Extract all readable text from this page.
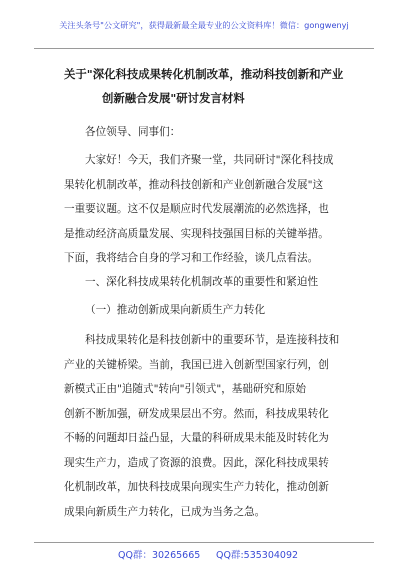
关注头条号"公文研究"，获得最新最全最专业的公文资料库！微信：gongwenyj
关于"深化科技成果转化机制改革，推动科技创新和产业
创新融合发展"研讨发言材料
各位领导、同事们：
大家好！今天，我们齐聚一堂，共同研讨"深化科技成
果转化机制改革，推动科技创新和产业创新融合发展"这
一重要议题。这不仅是顺应时代发展潮流的必然选择，也
是推动经济高质量发展、实现科技强国目标的关键举措。
下面，我将结合自身的学习和工作经验，谈几点看法。
一、深化科技成果转化机制改革的重要性和紧迫性
（一）推动创新成果向新质生产力转化
科技成果转化是科技创新中的重要环节，是连接科技和
产业的关键桥梁。当前，我国已进入创新型国家行列，创
新模式正由"追随式"转向"引领式"，基础研究和原始
创新不断加强，研发成果层出不穷。然而，科技成果转化
不畅的问题却日益凸显，大量的科研成果未能及时转化为
现实生产力，造成了资源的浪费。因此，深化科技成果转
化机制改革，加快科技成果向现实生产力转化，推动创新
成果向新质生产力转化，已成为当务之急。
QQ群：30265665 QQ群:535304092
